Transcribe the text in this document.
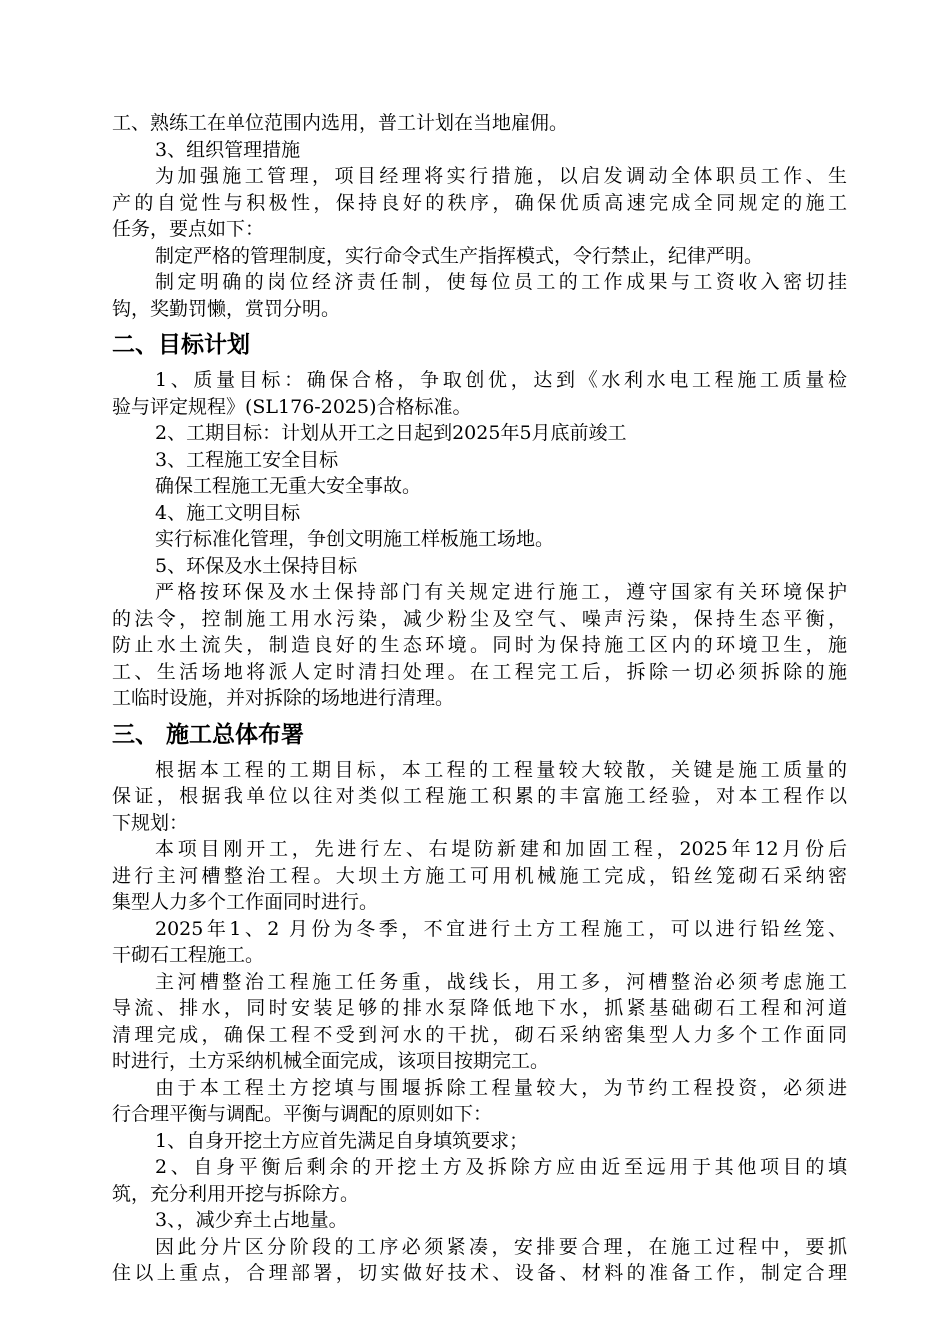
工、熟练工在单位范围内选用，普工计划在当地雇佣。

3、组织管理措施

为加强施工管理，项目经理将实行措施，以启发调动全体职员工作、生

产的自觉性与积极性，保持良好的秩序，确保优质高速完成全同规定的施工

任务，要点如下：

制定严格的管理制度，实行命令式生产指挥模式，令行禁止，纪律严明。

制定明确的岗位经济责任制，使每位员工的工作成果与工资收入密切挂

钩，奖勤罚懒，赏罚分明。

二、目标计划

1、质量目标：确保合格，争取创优，达到《水利水电工程施工质量检

验与评定规程》(SL176-2025)合格标准。

2、工期目标：计划从开工之日起到2025年5月底前竣工

3、工程施工安全目标

确保工程施工无重大安全事故。

4、施工文明目标

实行标准化管理，争创文明施工样板施工场地。

5、环保及水土保持目标

严格按环保及水土保持部门有关规定进行施工，遵守国家有关环境保护

的法令，控制施工用水污染，减少粉尘及空气、噪声污染，保持生态平衡，

防止水土流失，制造良好的生态环境。同时为保持施工区内的环境卫生，施

工、生活场地将派人定时清扫处理。在工程完工后，拆除一切必须拆除的施

工临时设施，并对拆除的场地进行清理。

三、 施工总体布署

根据本工程的工期目标，本工程的工程量较大较散，关键是施工质量的

保证，根据我单位以往对类似工程施工积累的丰富施工经验，对本工程作以

下规划：

本项目刚开工，先进行左、右堤防新建和加固工程，2025年12月份后

进行主河槽整治工程。大坝土方施工可用机械施工完成，铅丝笼砌石采纳密

集型人力多个工作面同时进行。

2025年1、2 月份为冬季，不宜进行土方工程施工，可以进行铅丝笼、

干砌石工程施工。

主河槽整治工程施工任务重，战线长，用工多，河槽整治必须考虑施工

导流、排水，同时安装足够的排水泵降低地下水，抓紧基础砌石工程和河道

清理完成，确保工程不受到河水的干扰，砌石采纳密集型人力多个工作面同

时进行，土方采纳机械全面完成，该项目按期完工。

由于本工程土方挖填与围堰拆除工程量较大，为节约工程投资，必须进

行合理平衡与调配。平衡与调配的原则如下：

1、自身开挖土方应首先满足自身填筑要求；

2、自身平衡后剩余的开挖土方及拆除方应由近至远用于其他项目的填

筑，充分利用开挖与拆除方。

3、，减少弃土占地量。

因此分片区分阶段的工序必须紧凑，安排要合理，在施工过程中，要抓

住以上重点，合理部署，切实做好技术、设备、材料的准备工作，制定合理
